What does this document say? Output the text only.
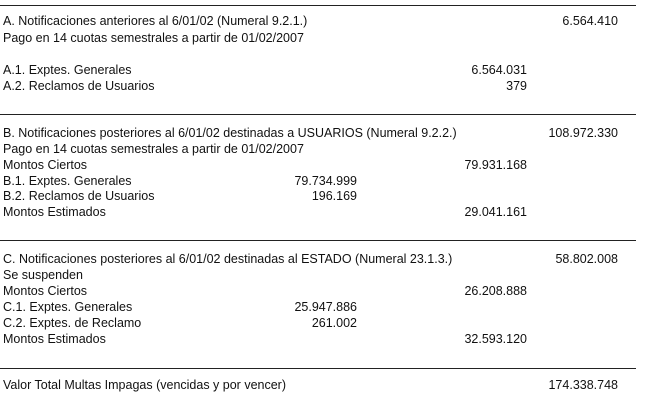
A. Notificaciones anteriores al 6/01/02 (Numeral 9.2.1.)	6.564.410
Pago en 14 cuotas semestrales a partir de 01/02/2007
A.1. Exptes. Generales	6.564.031
A.2. Reclamos de Usuarios	379
B. Notificaciones posteriores al 6/01/02 destinadas a USUARIOS (Numeral 9.2.2.)	108.972.330
Pago en 14 cuotas semestrales a partir de 01/02/2007
Montos Ciertos	79.931.168
B.1. Exptes. Generales	79.734.999
B.2. Reclamos de Usuarios	196.169
Montos Estimados	29.041.161
C. Notificaciones posteriores al 6/01/02 destinadas al ESTADO (Numeral 23.1.3.)	58.802.008
Se suspenden
Montos Ciertos	26.208.888
C.1. Exptes. Generales	25.947.886
C.2. Exptes. de Reclamo	261.002
Montos Estimados	32.593.120
Valor Total Multas Impagas (vencidas y por vencer)	174.338.748
